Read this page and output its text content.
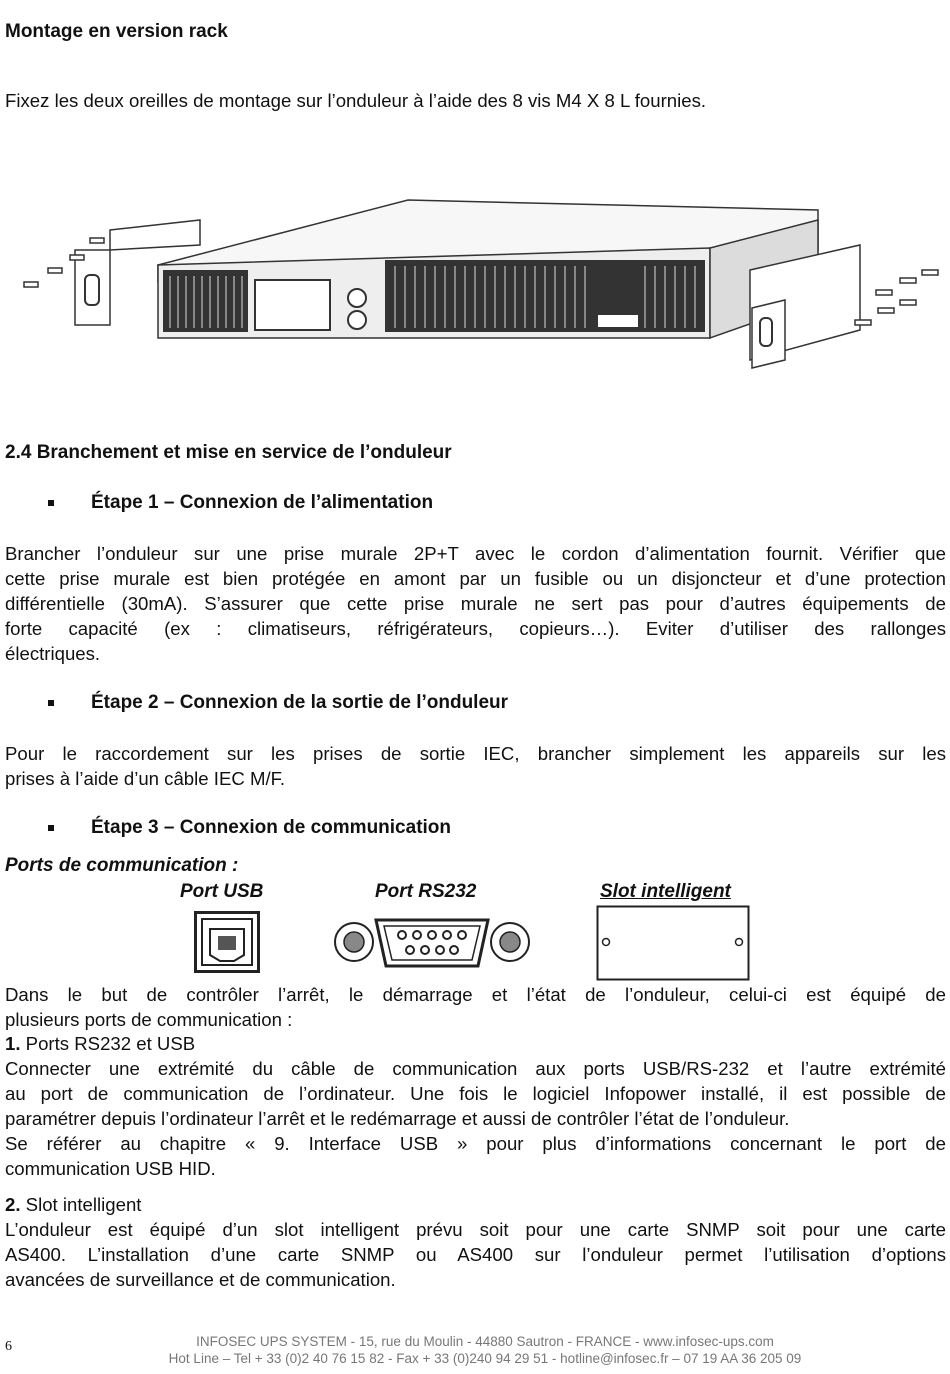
Montage en version rack
Fixez les deux oreilles de montage sur l’onduleur à l’aide des 8 vis M4 X 8 L fournies.
2.4 Branchement et mise en service de l’onduleur
Étape 1 – Connexion de l’alimentation
Brancher l’onduleur sur une prise murale 2P+T avec le cordon d’alimentation fournit. Vérifier que
cette prise murale est bien protégée en amont par un fusible ou un disjoncteur et d’une protection
différentielle (30mA). S’assurer que cette prise murale ne sert pas pour d’autres équipements de
forte capacité (ex : climatiseurs, réfrigérateurs, copieurs…). Eviter d’utiliser des rallonges
électriques.
Étape 2 – Connexion de la sortie de l’onduleur
Pour le raccordement sur les prises de sortie IEC, brancher simplement les appareils sur les
prises à l’aide d’un câble IEC M/F.
Étape 3 – Connexion de communication
Ports de communication :
Port USB	Port RS232	Slot intelligent
Dans le but de contrôler l’arrêt, le démarrage et l’état de l’onduleur, celui-ci est équipé de
plusieurs ports de communication :
1. Ports RS232 et USB
Connecter une extrémité du câble de communication aux ports USB/RS-232 et l’autre extrémité
au port de communication de l’ordinateur. Une fois le logiciel Infopower installé, il est possible de
paramétrer depuis l’ordinateur l’arrêt et le redémarrage et aussi de contrôler l’état de l’onduleur.
Se référer au chapitre « 9. Interface USB » pour plus d’informations concernant le port de
communication USB HID.
2. Slot intelligent
L’onduleur est équipé d’un slot intelligent prévu soit pour une carte SNMP soit pour une carte
AS400. L’installation d’une carte SNMP ou AS400 sur l’onduleur permet l’utilisation d’options
avancées de surveillance et de communication.
6	INFOSEC UPS SYSTEM - 15, rue du Moulin - 44880 Sautron - FRANCE - www.infosec-ups.com
Hot Line – Tel + 33 (0)2 40 76 15 82 - Fax + 33 (0)240 94 29 51 - hotline@infosec.fr – 07 19 AA 36 205 09
